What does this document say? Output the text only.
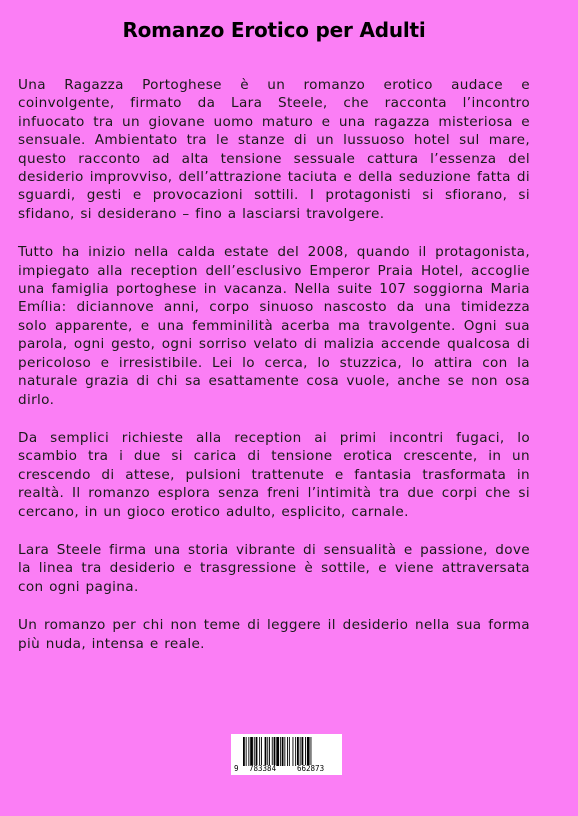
Romanzo Erotico per Adulti

Una Ragazza Portoghese è un romanzo erotico audace e coinvolgente, firmato da Lara Steele, che racconta l’incontro infuocato tra un giovane uomo maturo e una ragazza misteriosa e sensuale. Ambientato tra le stanze di un lussuoso hotel sul mare, questo racconto ad alta tensione sessuale cattura l’essenza del desiderio improvviso, dell’attrazione taciuta e della seduzione fatta di sguardi, gesti e provocazioni sottili. I protagonisti si sfiorano, si sfidano, si desiderano – fino a lasciarsi travolgere.

Tutto ha inizio nella calda estate del 2008, quando il protagonista, impiegato alla reception dell’esclusivo Emperor Praia Hotel, accoglie una famiglia portoghese in vacanza. Nella suite 107 soggiorna Maria Emília: diciannove anni, corpo sinuoso nascosto da una timidezza solo apparente, e una femminilità acerba ma travolgente. Ogni sua parola, ogni gesto, ogni sorriso velato di malizia accende qualcosa di pericoloso e irresistibile. Lei lo cerca, lo stuzzica, lo attira con la naturale grazia di chi sa esattamente cosa vuole, anche se non osa dirlo.

Da semplici richieste alla reception ai primi incontri fugaci, lo scambio tra i due si carica di tensione erotica crescente, in un crescendo di attese, pulsioni trattenute e fantasia trasformata in realtà. Il romanzo esplora senza freni l’intimità tra due corpi che si cercano, in un gioco erotico adulto, esplicito, carnale.

Lara Steele firma una storia vibrante di sensualità e passione, dove la linea tra desiderio e trasgressione è sottile, e viene attraversata con ogni pagina.

Un romanzo per chi non teme di leggere il desiderio nella sua forma più nuda, intensa e reale.

9 783384	662873
